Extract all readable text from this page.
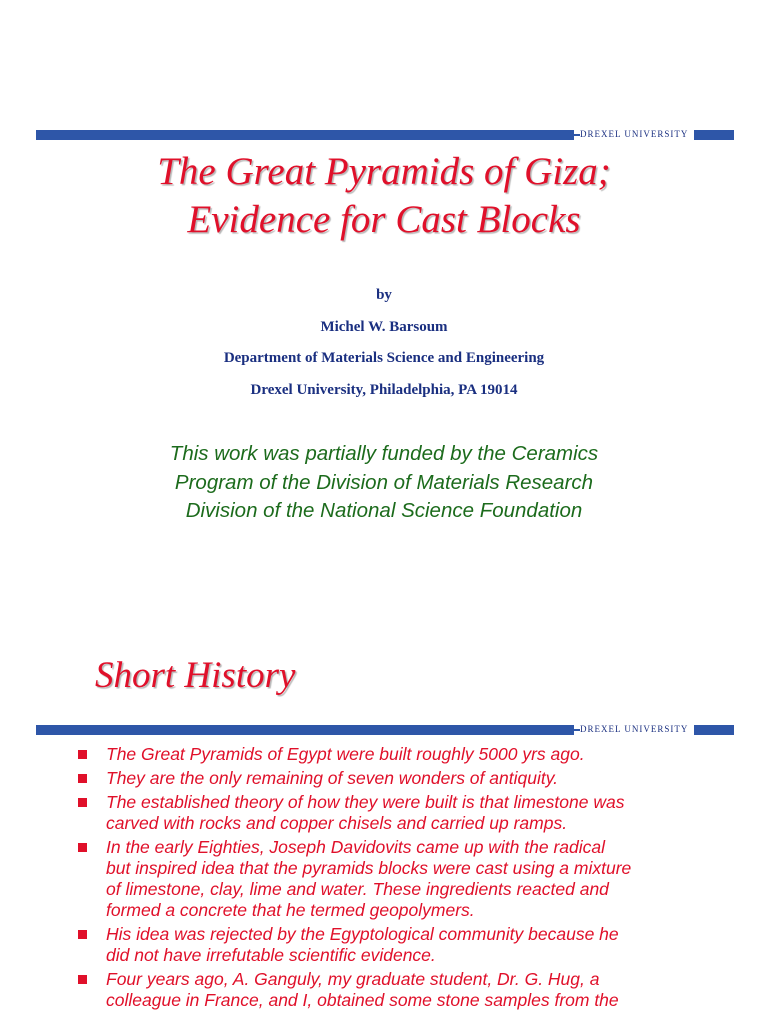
DREXEL UNIVERSITY
The Great Pyramids of Giza;
Evidence for Cast Blocks
by
Michel W. Barsoum
Department of Materials Science and Engineering
Drexel University, Philadelphia, PA 19014
This work was partially funded by the Ceramics
Program of the Division of Materials Research
Division of the National Science Foundation
Short History
DREXEL UNIVERSITY
The Great Pyramids of Egypt were built roughly 5000 yrs ago.
They are the only remaining of seven wonders of antiquity.
The established theory of how they were built is that limestone was
carved with rocks and copper chisels and carried up ramps.
In the early Eighties, Joseph Davidovits came up with the radical
but inspired idea that the pyramids blocks were cast using a mixture
of limestone, clay, lime and water. These ingredients reacted and
formed a concrete that he termed geopolymers.
His idea was rejected by the Egyptological community because he
did not have irrefutable scientific evidence.
Four years ago, A. Ganguly, my graduate student, Dr. G. Hug, a
colleague in France, and I, obtained some stone samples from the
